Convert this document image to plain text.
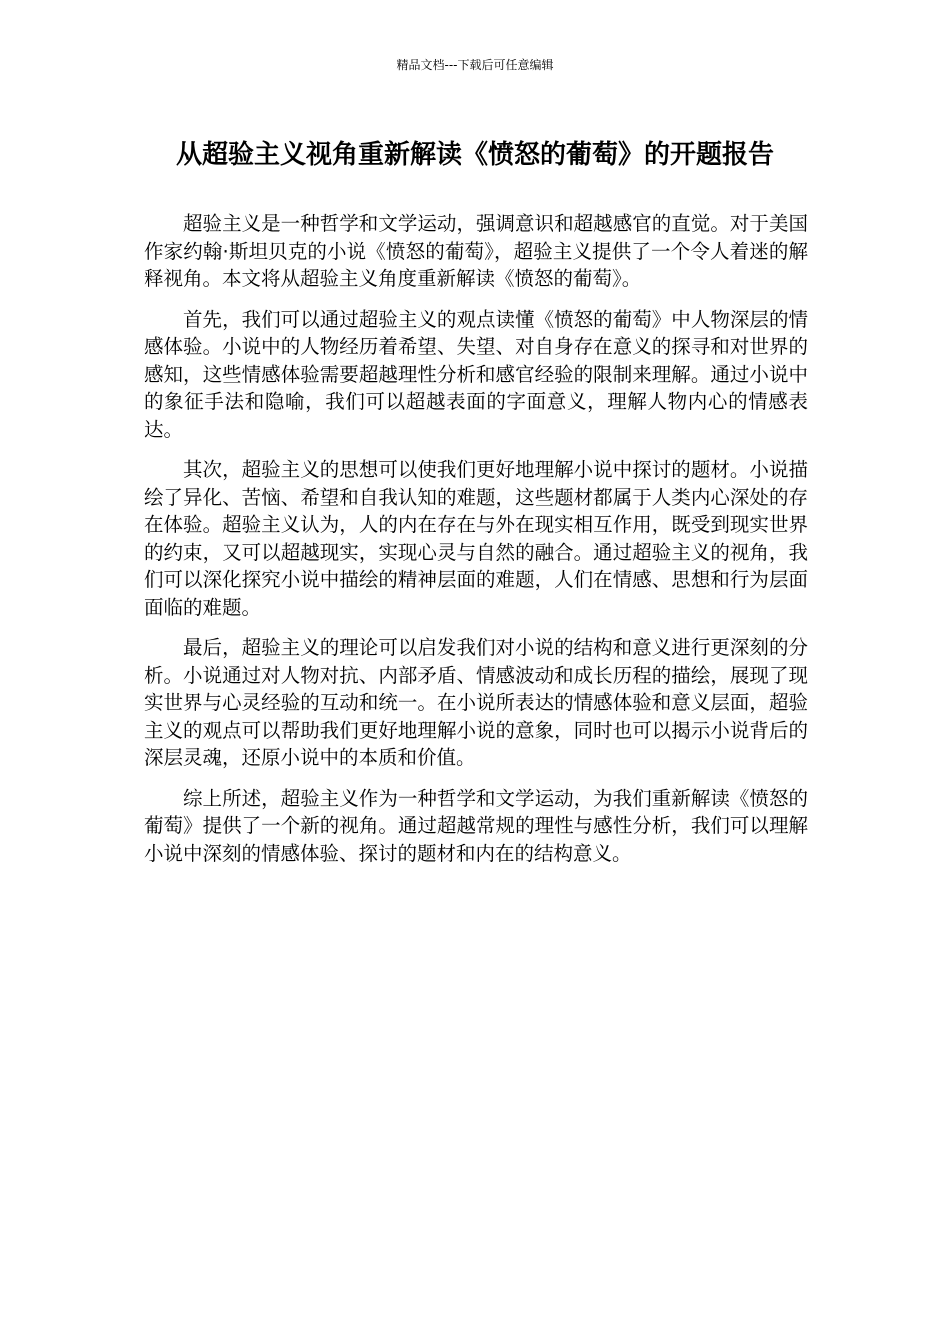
精品文档---下载后可任意编辑
从超验主义视角重新解读《愤怒的葡萄》的开题报告

超验主义是一种哲学和文学运动，强调意识和超越感官的直觉。对于美国作家约翰·斯坦贝克的小说《愤怒的葡萄》，超验主义提供了一个令人着迷的解释视角。本文将从超验主义角度重新解读《愤怒的葡萄》。

首先，我们可以通过超验主义的观点读懂《愤怒的葡萄》中人物深层的情感体验。小说中的人物经历着希望、失望、对自身存在意义的探寻和对世界的感知，这些情感体验需要超越理性分析和感官经验的限制来理解。通过小说中的象征手法和隐喻，我们可以超越表面的字面意义，理解人物内心的情感表达。

其次，超验主义的思想可以使我们更好地理解小说中探讨的题材。小说描绘了异化、苦恼、希望和自我认知的难题，这些题材都属于人类内心深处的存在体验。超验主义认为，人的内在存在与外在现实相互作用，既受到现实世界的约束，又可以超越现实，实现心灵与自然的融合。通过超验主义的视角，我们可以深化探究小说中描绘的精神层面的难题，人们在情感、思想和行为层面面临的难题。

最后，超验主义的理论可以启发我们对小说的结构和意义进行更深刻的分析。小说通过对人物对抗、内部矛盾、情感波动和成长历程的描绘，展现了现实世界与心灵经验的互动和统一。在小说所表达的情感体验和意义层面，超验主义的观点可以帮助我们更好地理解小说的意象，同时也可以揭示小说背后的深层灵魂，还原小说中的本质和价值。

综上所述，超验主义作为一种哲学和文学运动，为我们重新解读《愤怒的葡萄》提供了一个新的视角。通过超越常规的理性与感性分析，我们可以理解小说中深刻的情感体验、探讨的题材和内在的结构意义。
